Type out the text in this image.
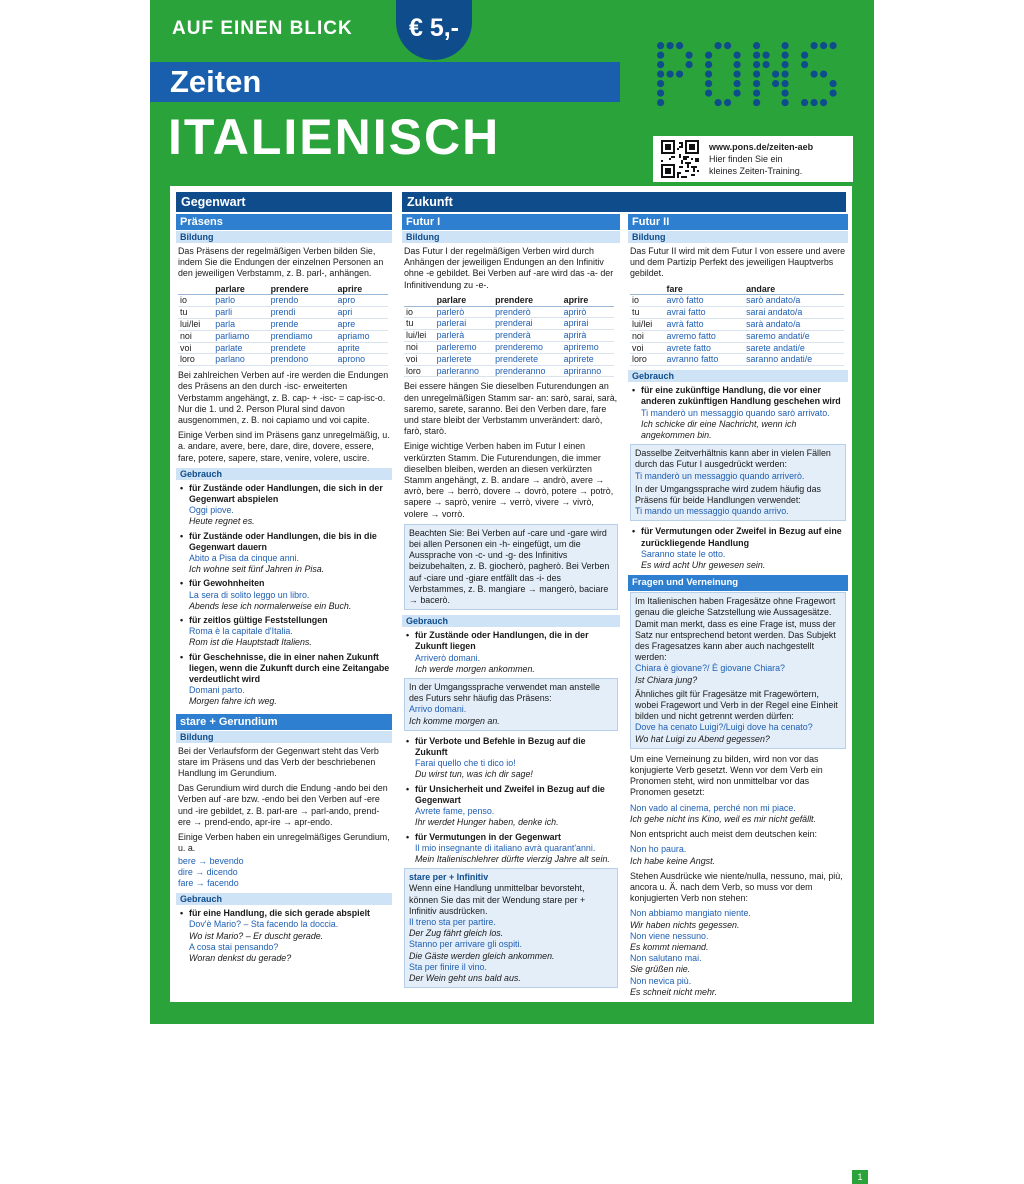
AUF EINEN BLICK	€ 5,-
Zeiten
ITALIENISCH	www.pons.de/zeiten-aeb
Hier finden Sie ein
kleines Zeiten-Training.
Gegenwart
Präsens
Bildung
Das Präsens der regelmäßigen Verben bilden Sie, indem Sie die Endungen der einzelnen Personen an den jeweiligen Verbstamm, z. B. parl-, anhängen.
	parlare	prendere	aprire
io	parlo	prendo	apro
tu	parli	prendi	apri
lui/lei	parla	prende	apre
noi	parliamo	prendiamo	apriamo
voi	parlate	prendete	aprite
loro	parlano	prendono	aprono
Bei zahlreichen Verben auf -ire werden die Endungen des Präsens an den durch -isc- erweiterten Verbstamm angehängt, z. B. cap- + -isc- = cap-isc-o. Nur die 1. und 2. Person Plural sind davon ausgenommen, z. B. noi capiamo und voi capite.
Einige Verben sind im Präsens ganz unregelmäßig, u. a. andare, avere, bere, dare, dire, dovere, essere, fare, potere, sapere, stare, venire, volere, uscire.
Gebrauch
• für Zustände oder Handlungen, die sich in der Gegenwart abspielen
Oggi piove.
Heute regnet es.
• für Zustände oder Handlungen, die bis in die Gegenwart dauern
Abito a Pisa da cinque anni.
Ich wohne seit fünf Jahren in Pisa.
• für Gewohnheiten
La sera di solito leggo un libro.
Abends lese ich normalerweise ein Buch.
• für zeitlos gültige Feststellungen
Roma è la capitale d'Italia.
Rom ist die Hauptstadt Italiens.
• für Geschehnisse, die in einer nahen Zukunft liegen, wenn die Zukunft durch eine Zeitangabe verdeutlicht wird
Domani parto.
Morgen fahre ich weg.
stare + Gerundium
Bildung
Bei der Verlaufsform der Gegenwart steht das Verb stare im Präsens und das Verb der beschriebenen Handlung im Gerundium.
Das Gerundium wird durch die Endung -ando bei den Verben auf -are bzw. -endo bei den Verben auf -ere und -ire gebildet, z. B. parl-are → parl-ando, prend-ere → prend-endo, apr-ire → apr-endo.
Einige Verben haben ein unregelmäßiges Gerundium, u. a.
bere → bevendo
dire → dicendo
fare → facendo
Gebrauch
• für eine Handlung, die sich gerade abspielt
Dov'è Mario? – Sta facendo la doccia.
Wo ist Mario? – Er duscht gerade.
A cosa stai pensando?
Woran denkst du gerade?
Zukunft
Futur I
Bildung
Das Futur I der regelmäßigen Verben wird durch Anhängen der jeweiligen Endungen an den Infinitiv ohne -e gebildet. Bei Verben auf -are wird das -a- der Infinitivendung zu -e-.
	parlare	prendere	aprire
io	parlerò	prenderò	aprirò
tu	parlerai	prenderai	aprirai
lui/lei	parlerà	prenderà	aprirà
noi	parleremo	prenderemo	apriremo
voi	parlerete	prenderete	aprirete
loro	parleranno	prenderanno	apriranno
Bei essere hängen Sie dieselben Futurendungen an den unregelmäßigen Stamm sar- an: sarò, sarai, sarà, saremo, sarete, saranno. Bei den Verben dare, fare und stare bleibt der Verbstamm unverändert: darò, farò, starò.
Einige wichtige Verben haben im Futur I einen verkürzten Stamm. Die Futurendungen, die immer dieselben bleiben, werden an diesen verkürzten Stamm angehängt, z. B. andare → andrò, avere → avrò, bere → berrò, dovere → dovrò, potere → potrò, sapere → saprò, venire → verrò, vivere → vivrò, volere → vorrò.
Beachten Sie: Bei Verben auf -care und -gare wird bei allen Personen ein -h- eingefügt, um die Aussprache von -c- und -g- des Infinitivs beizubehalten, z. B. giocherò, pagherò. Bei Verben auf -ciare und -giare entfällt das -i- des Verbstammes, z. B. mangiare → mangerò, baciare → bacerò.
Gebrauch
• für Zustände oder Handlungen, die in der Zukunft liegen
Arriverò domani.
Ich werde morgen ankommen.
In der Umgangssprache verwendet man anstelle des Futurs sehr häufig das Präsens:
Arrivo domani.
Ich komme morgen an.
• für Verbote und Befehle in Bezug auf die Zukunft
Farai quello che ti dico io!
Du wirst tun, was ich dir sage!
• für Unsicherheit und Zweifel in Bezug auf die Gegenwart
Avrete fame, penso.
Ihr werdet Hunger haben, denke ich.
• für Vermutungen in der Gegenwart
Il mio insegnante di italiano avrà quarant'anni.
Mein Italienischlehrer dürfte vierzig Jahre alt sein.
stare per + Infinitiv
Wenn eine Handlung unmittelbar bevorsteht, können Sie das mit der Wendung stare per + Infinitiv ausdrücken.
Il treno sta per partire.
Der Zug fährt gleich los.
Stanno per arrivare gli ospiti.
Die Gäste werden gleich ankommen.
Sta per finire il vino.
Der Wein geht uns bald aus.
Futur II
Bildung
Das Futur II wird mit dem Futur I von essere und avere und dem Partizip Perfekt des jeweiligen Hauptverbs gebildet.
	fare	andare
io	avrò fatto	sarò andato/a
tu	avrai fatto	sarai andato/a
lui/lei	avrà fatto	sarà andato/a
noi	avremo fatto	saremo andati/e
voi	avrete fatto	sarete andati/e
loro	avranno fatto	saranno andati/e
Gebrauch
• für eine zukünftige Handlung, die vor einer anderen zukünftigen Handlung geschehen wird
Ti manderò un messaggio quando sarò arrivato.
Ich schicke dir eine Nachricht, wenn ich angekommen bin.
Dasselbe Zeitverhältnis kann aber in vielen Fällen durch das Futur I ausgedrückt werden:
Ti manderò un messaggio quando arriverò.
In der Umgangssprache wird zudem häufig das Präsens für beide Handlungen verwendet:
Ti mando un messaggio quando arrivo.
• für Vermutungen oder Zweifel in Bezug auf eine zurückliegende Handlung
Saranno state le otto.
Es wird acht Uhr gewesen sein.
Fragen und Verneinung
Im Italienischen haben Fragesätze ohne Fragewort genau die gleiche Satzstellung wie Aussagesätze. Damit man merkt, dass es eine Frage ist, muss der Satz nur entsprechend betont werden. Das Subjekt des Fragesatzes kann aber auch nachgestellt werden:
Chiara è giovane?/ È giovane Chiara?
Ist Chiara jung?
Ähnliches gilt für Fragesätze mit Fragewörtern, wobei Fragewort und Verb in der Regel eine Einheit bilden und nicht getrennt werden dürfen:
Dove ha cenato Luigi?/Luigi dove ha cenato?
Wo hat Luigi zu Abend gegessen?
Um eine Verneinung zu bilden, wird non vor das konjugierte Verb gesetzt. Wenn vor dem Verb ein Pronomen steht, wird non unmittelbar vor das Pronomen gesetzt:
Non vado al cinema, perché non mi piace.
Ich gehe nicht ins Kino, weil es mir nicht gefällt.
Non entspricht auch meist dem deutschen kein:
Non ho paura.
Ich habe keine Angst.
Stehen Ausdrücke wie niente/nulla, nessuno, mai, più, ancora u. Ä. nach dem Verb, so muss vor dem konjugierten Verb non stehen:
Non abbiamo mangiato niente.
Wir haben nichts gegessen.
Non viene nessuno.
Es kommt niemand.
Non salutano mai.
Sie grüßen nie.
Non nevica più.
Es schneit nicht mehr.
1
